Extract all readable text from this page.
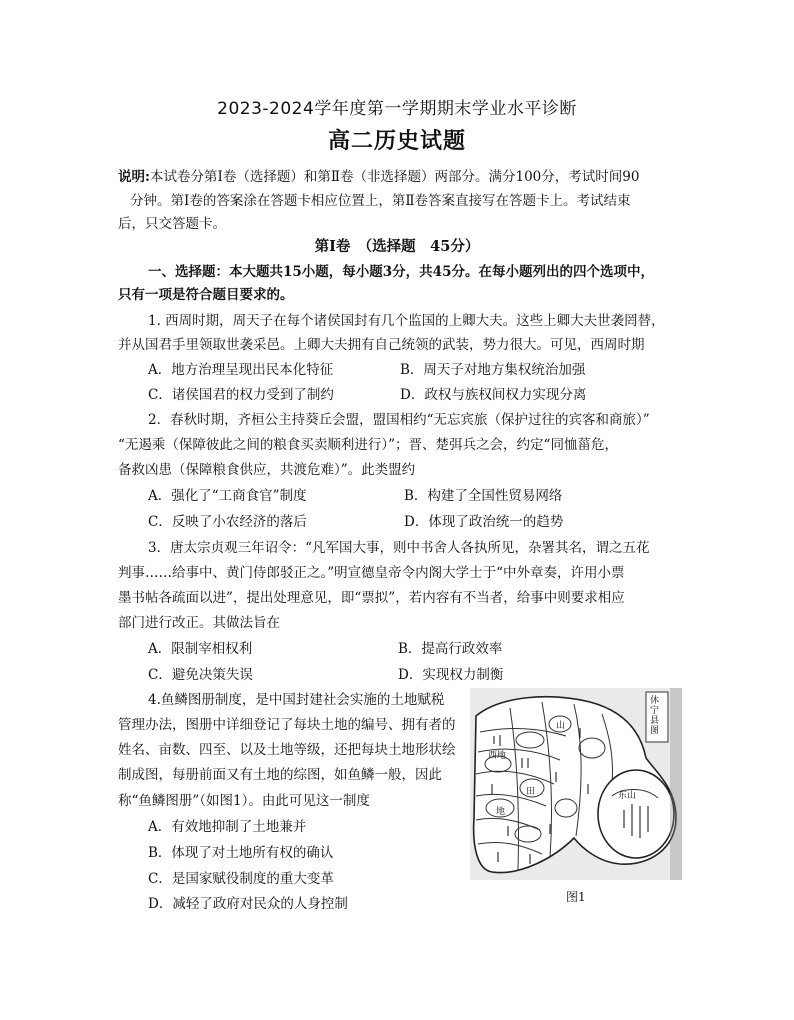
2023-2024学年度第一学期期末学业水平诊断
高二历史试题
说明:本试卷分第Ⅰ卷（选择题）和第Ⅱ卷（非选择题）两部分。满分100分，考试时间90
分钟。第Ⅰ卷的答案涂在答题卡相应位置上，第Ⅱ卷答案直接写在答题卡上。考试结束
后，只交答题卡。
第Ⅰ卷　（选择题　45分）
一、选择题：本大题共15小题，每小题3分，共45分。在每小题列出的四个选项中，
只有一项是符合题目要求的。
1. 西周时期，周天子在每个诸侯国封有几个监国的上卿大夫。这些上卿大夫世袭罔替，
并从国君手里领取世袭采邑。上卿大夫拥有自己统领的武装，势力很大。可见，西周时期
A．地方治理呈现出民本化特征	B．周天子对地方集权统治加强
C．诸侯国君的权力受到了制约	D．政权与族权间权力实现分离
2．春秋时期，齐桓公主持葵丘会盟，盟国相约“无忘宾旅（保护过往的宾客和商旅）”
“无遏乘（保障彼此之间的粮食买卖顺利进行）”；晋、楚弭兵之会，约定“同恤菑危，
备救凶患（保障粮食供应，共渡危难）”。此类盟约
A．强化了“工商食官”制度	B．构建了全国性贸易网络
C．反映了小农经济的落后	D．体现了政治统一的趋势
3．唐太宗贞观三年诏令：“凡军国大事，则中书舍人各执所见，杂署其名，谓之五花
判事……给事中、黄门侍郎驳正之。”明宣德皇帝令内阁大学士于“中外章奏，许用小票
墨书帖各疏面以进”，提出处理意见，即“票拟”，若内容有不当者，给事中则要求相应
部门进行改正。其做法旨在
A．限制宰相权利	B．提高行政效率
C．避免决策失误	D．实现权力制衡
4.鱼鳞图册制度，是中国封建社会实施的土地赋税
管理办法，图册中详细登记了每块土地的编号、拥有者的
姓名、亩数、四至、以及土地等级，还把每块土地形状绘
制成图，每册前面又有土地的综图，如鱼鳞一般，因此
称“鱼鳞图册”（如图1）。由此可见这一制度
A．有效地抑制了土地兼并
B．体现了对土地所有权的确认
C．是国家赋役制度的重大变革
D．减轻了政府对民众的人身控制
休宁县图
东山
西地
田
山
地
图1
